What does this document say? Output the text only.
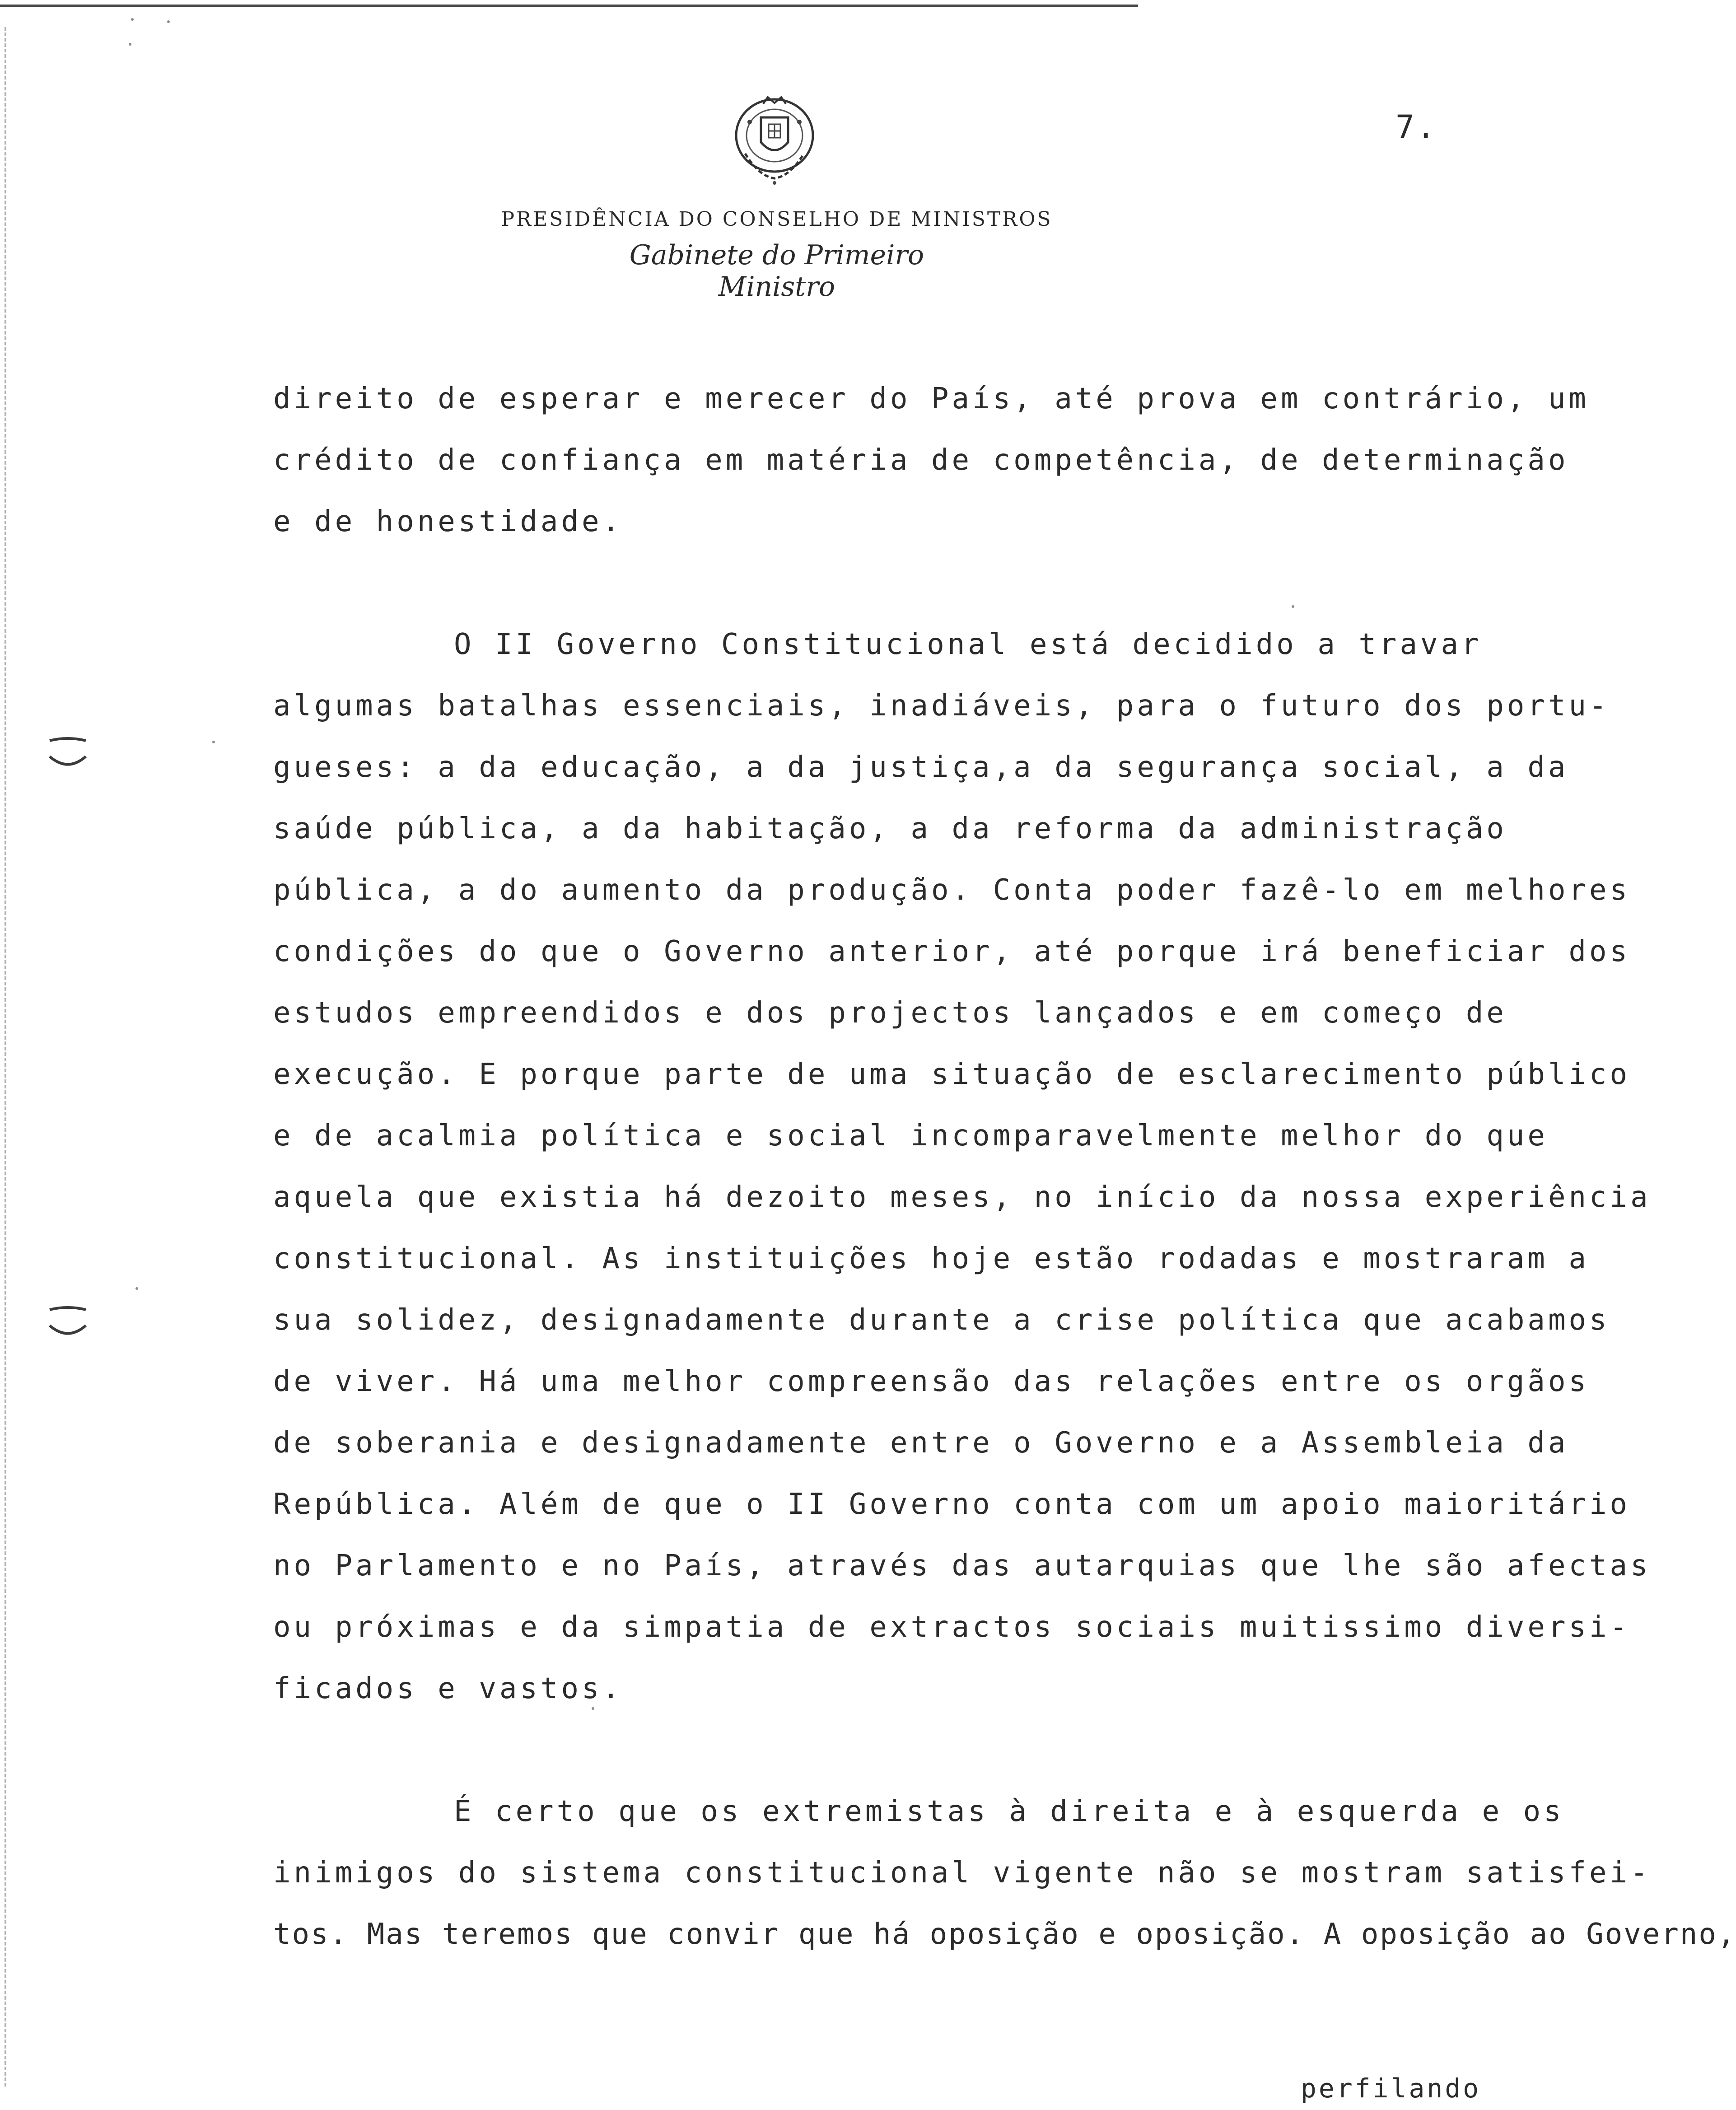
7.
PRESIDÊNCIA DO CONSELHO DE MINISTROS
Gabinete do Primeiro Ministro
direito de esperar e merecer do País, até prova em contrário, um
crédito de confiança em matéria de competência, de determinação
e de honestidade.
O II Governo Constitucional está decidido a travar
algumas batalhas essenciais, inadiáveis, para o futuro dos portu-
gueses: a da educação, a da justiça,a da segurança social, a da
saúde pública, a da habitação, a da reforma da administração
pública, a do aumento da produção. Conta poder fazê-lo em melhores
condições do que o Governo anterior, até porque irá beneficiar dos
estudos empreendidos e dos projectos lançados e em começo de
execução. E porque parte de uma situação de esclarecimento público
e de acalmia política e social incomparavelmente melhor do que
aquela que existia há dezoito meses, no início da nossa experiência
constitucional. As instituições hoje estão rodadas e mostraram a
sua solidez, designadamente durante a crise política que acabamos
de viver. Há uma melhor compreensão das relações entre os orgãos
de soberania e designadamente entre o Governo e a Assembleia da
República. Além de que o II Governo conta com um apoio maioritário
no Parlamento e no País, através das autarquias que lhe são afectas
ou próximas e da simpatia de extractos sociais muitissimo diversi-
ficados e vastos.
É certo que os extremistas à direita e à esquerda e os
inimigos do sistema constitucional vigente não se mostram satisfei-
tos. Mas teremos que convir que há oposição e oposição. A oposição ao Governo,
perfilando
